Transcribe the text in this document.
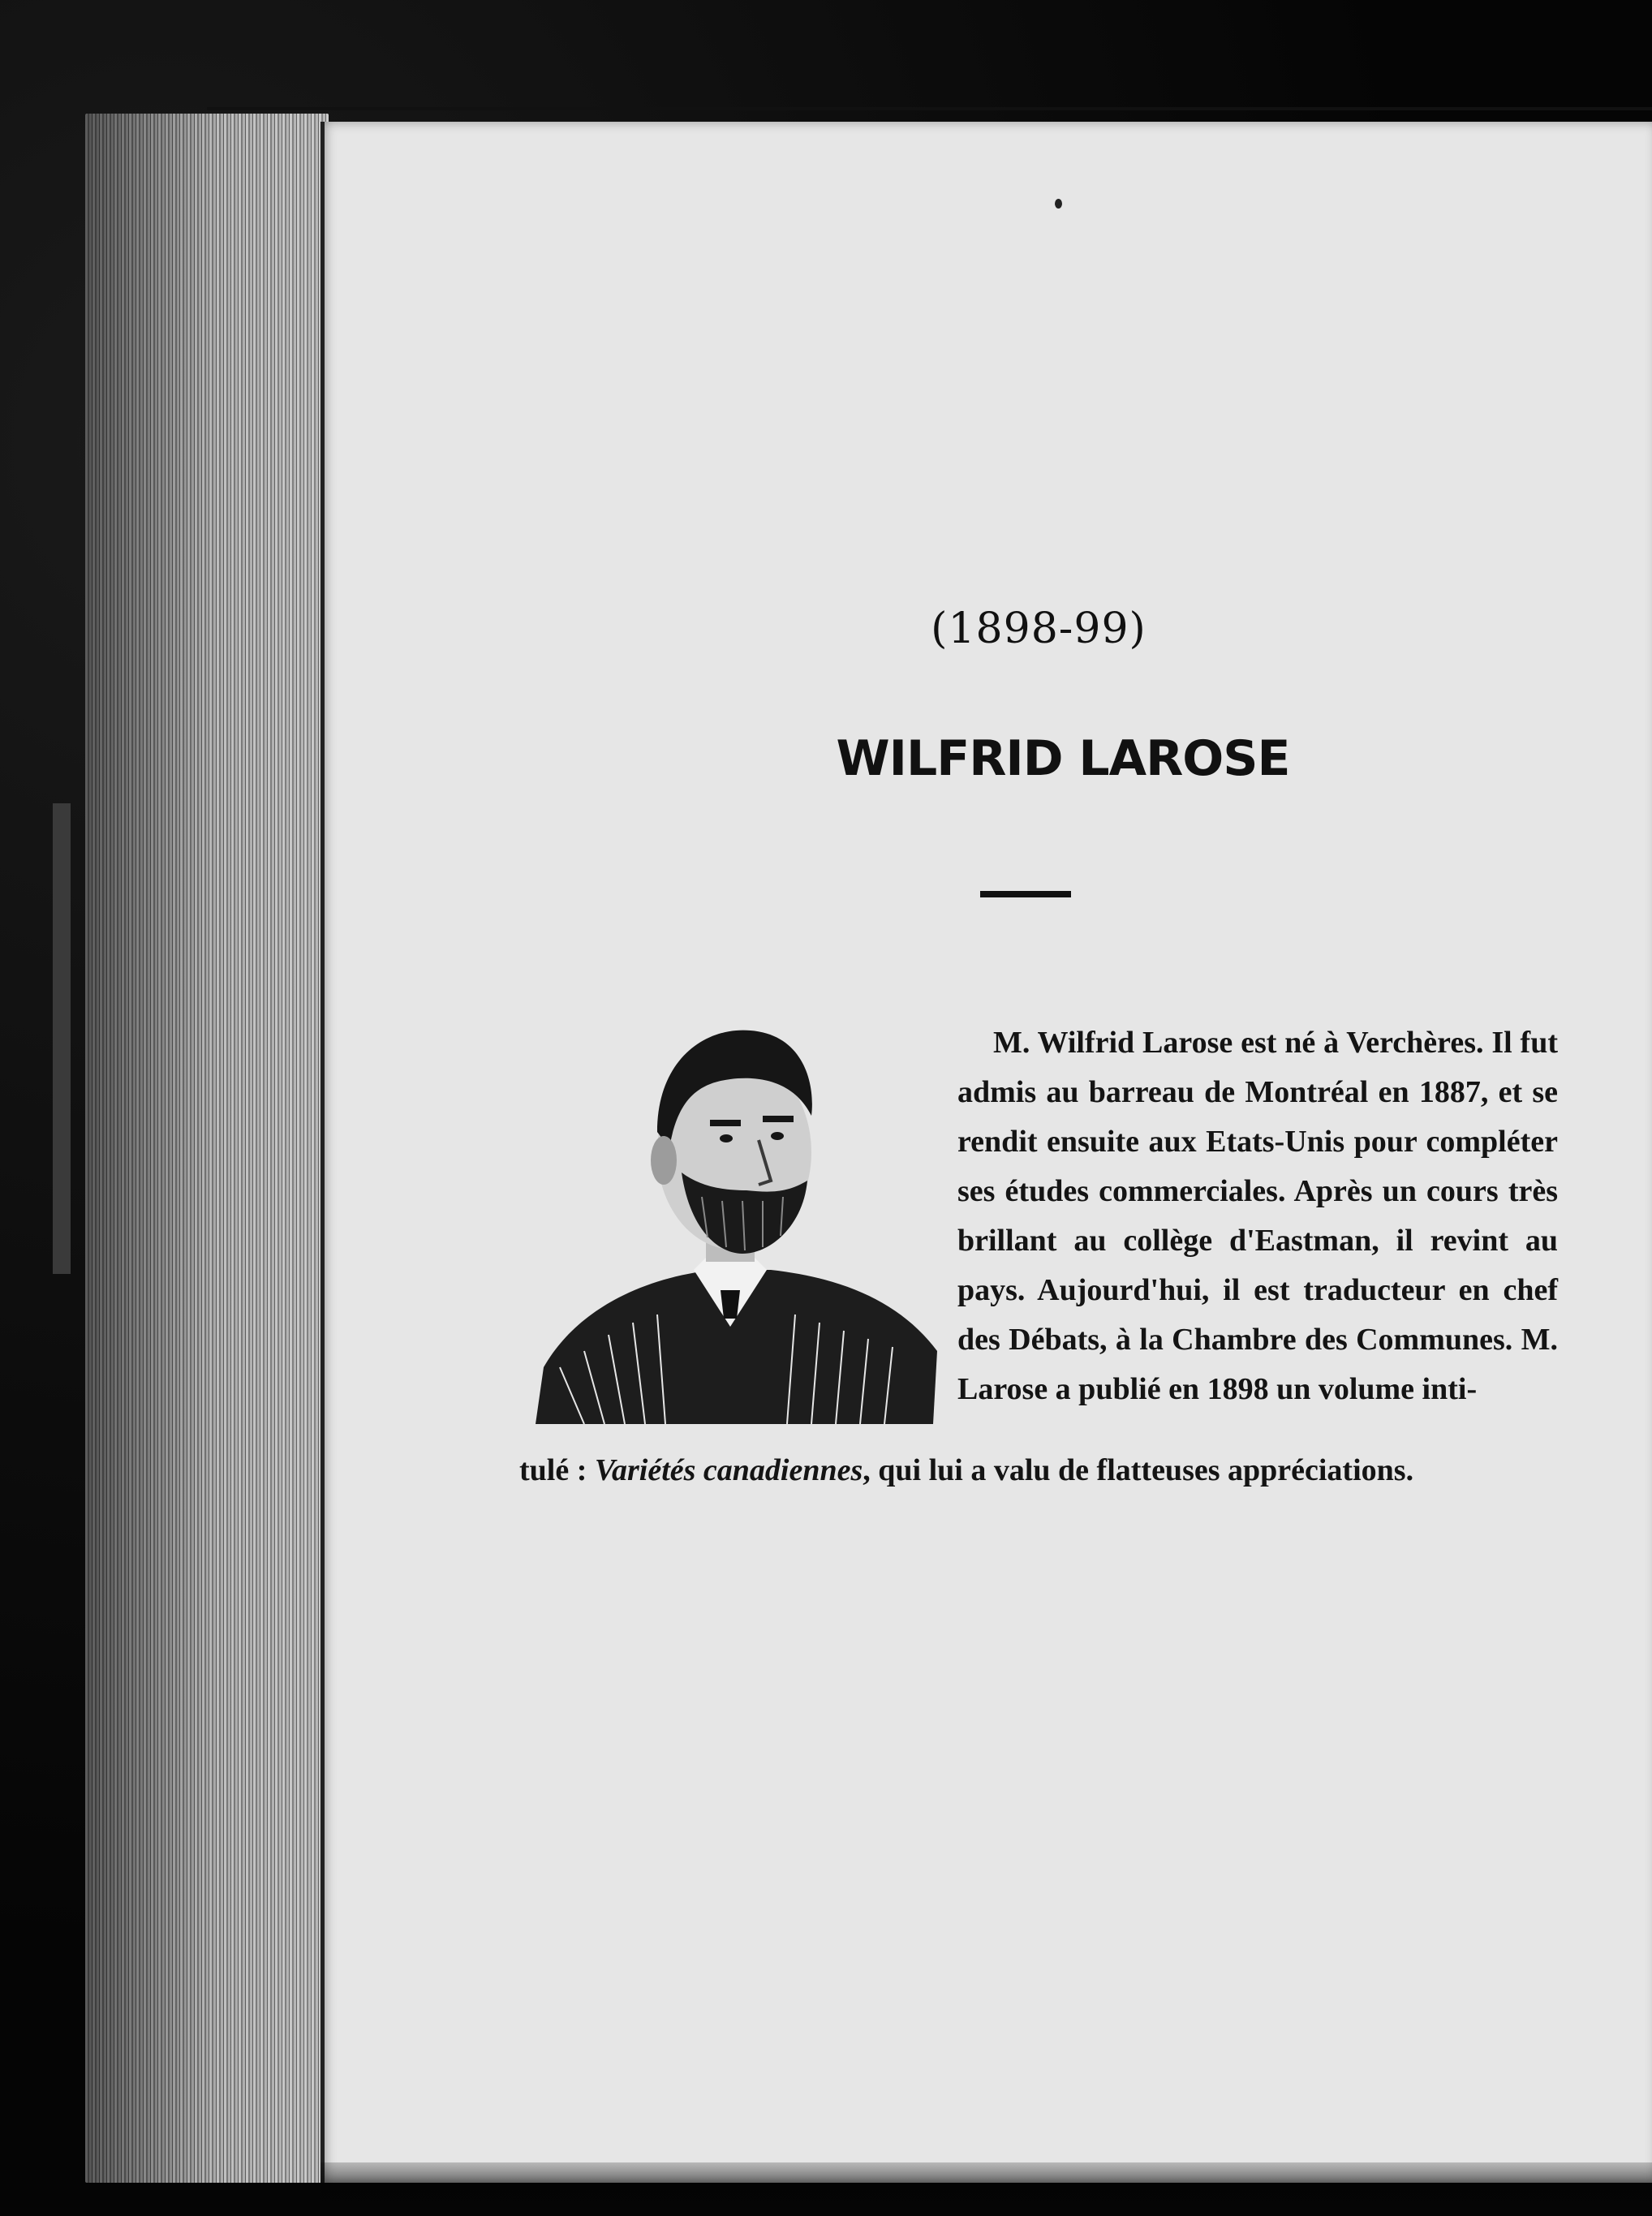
(1898-99)
WILFRID LAROSE

M. Wilfrid Larose est né à Verchères. Il fut admis au barreau de Montréal en 1887, et se rendit ensuite aux Etats-Unis pour compléter ses études commerciales. Après un cours très brillant au collège d'Eastman, il revint au pays. Aujourd'hui, il est traducteur en chef des Débats, à la Chambre des Communes. M. Larose a publié en 1898 un volume inti-

tulé : Variétés canadiennes, qui lui a valu de flatteuses appréciations.
